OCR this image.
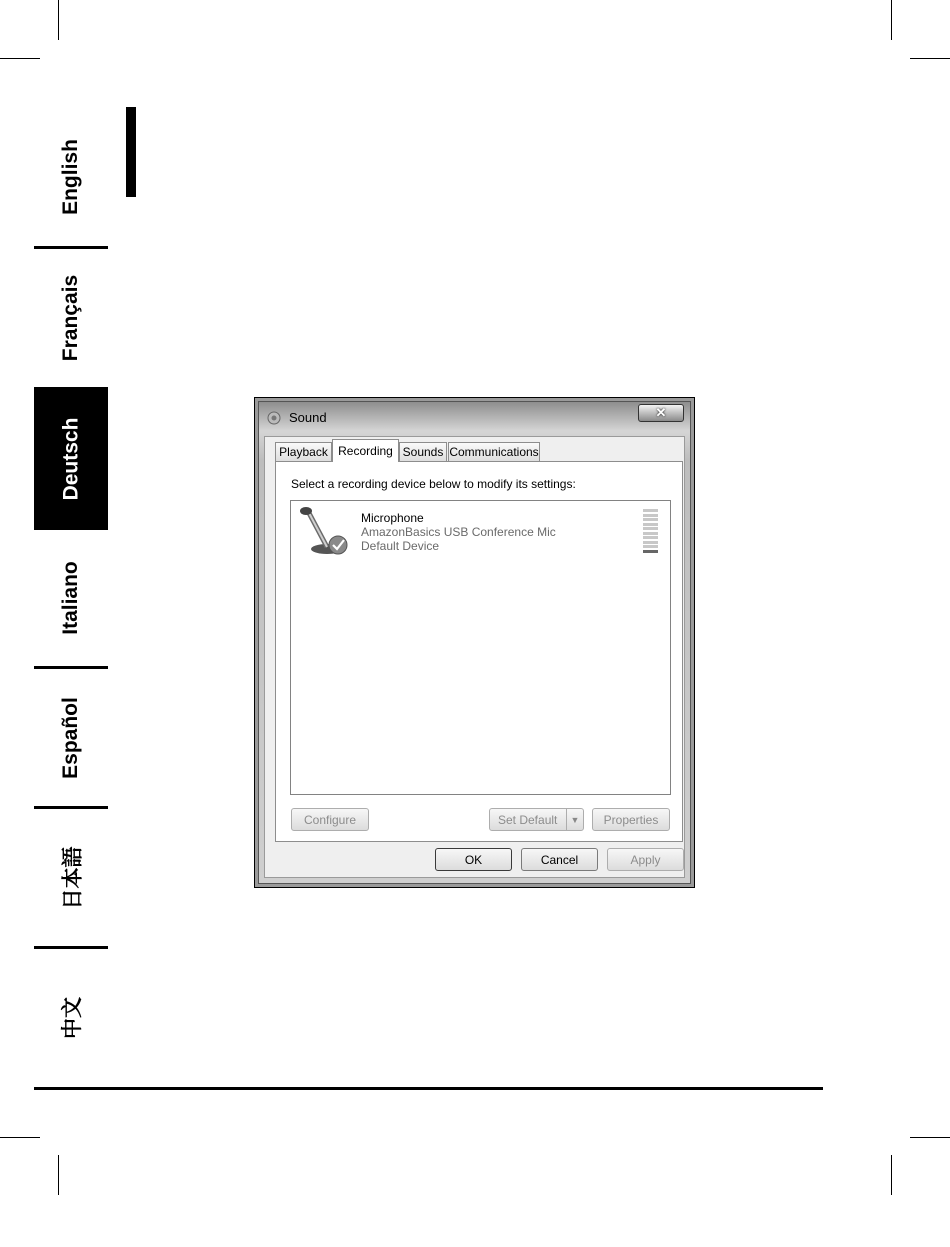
English
Français
Deutsch
Italiano
Español
日本語
中文
Sound	✕
Playback Recording Sounds Communications
Select a recording device below to modify its settings:
Microphone
AmazonBasics USB Conference Mic
Default Device
Configure	Set Default	▼	Properties
OK	Cancel	Apply
